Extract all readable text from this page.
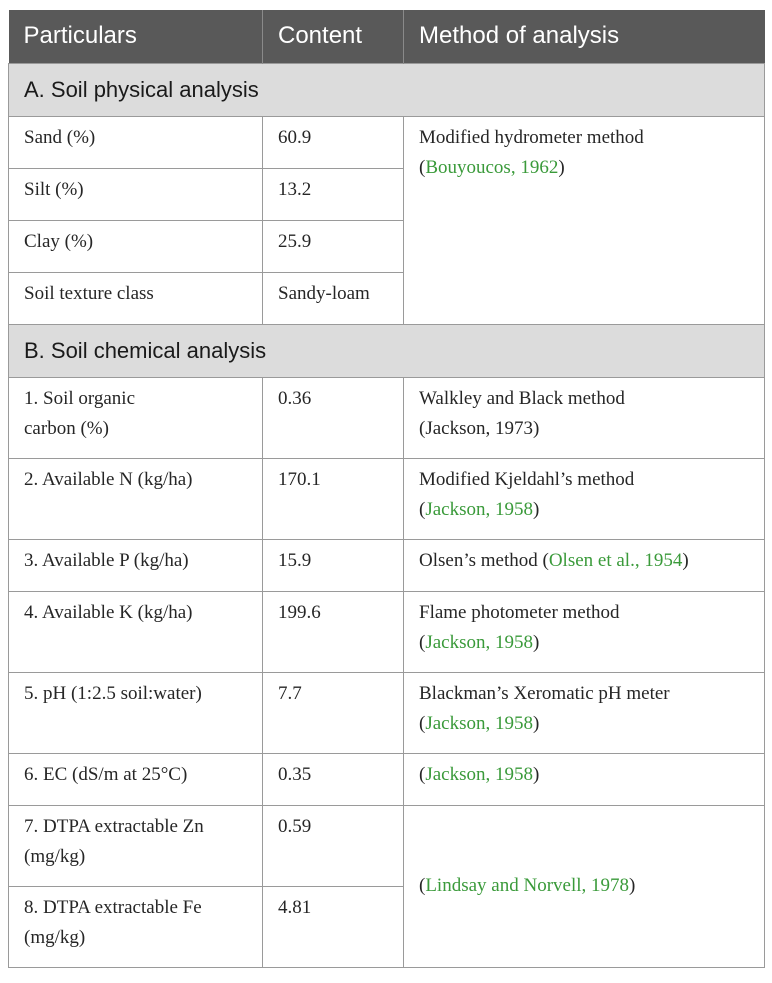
Particulars	Content	Method of analysis
A. Soil physical analysis		
Sand (%)	60.9	Modified hydrometer method
(Bouyoucos, 1962)
Silt (%)	13.2	
Clay (%)	25.9	
Soil texture class	Sandy-loam	
B. Soil chemical analysis		
1. Soil organic carbon (%)	0.36	Walkley and Black method
(Jackson, 1973)
2. Available N (kg/ha)	170.1	Modified Kjeldahl’s method
(Jackson, 1958)
3. Available P (kg/ha)	15.9	Olsen’s method (Olsen et al., 1954)
4. Available K (kg/ha)	199.6	Flame photometer method
(Jackson, 1958)
5. pH (1:2.5 soil:water)	7.7	Blackman’s Xeromatic pH meter
(Jackson, 1958)
6. EC (dS/m at 25°C)	0.35	(Jackson, 1958)
7. DTPA extractable Zn (mg/kg)	0.59	(Lindsay and Norvell, 1978)
8. DTPA extractable Fe (mg/kg)	4.81	
